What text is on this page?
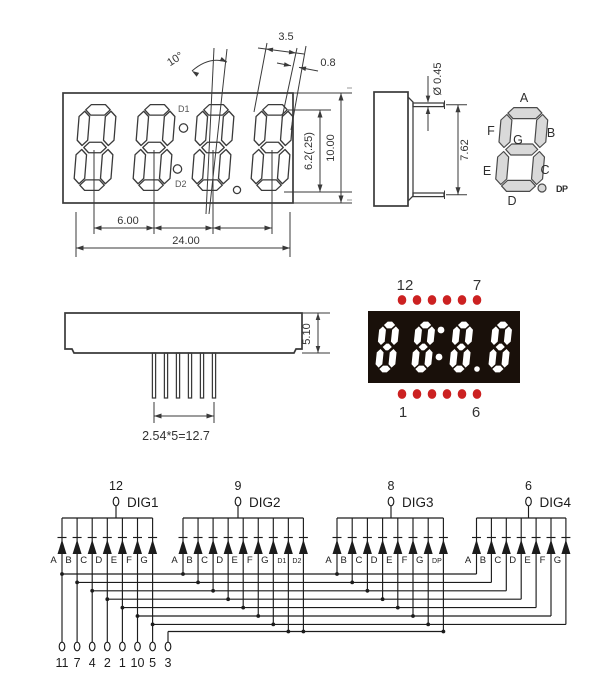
D1
D2
10°
3.5
0.8
6.00
24.00
6.2(.25) 10.00
Ø 0.45
7.62
A
F	B
G
E	C
D
DP
5.10
2.54*5=12.7
12	7
1	6
12
DIG1
A B C D E F G
9
DIG2
A B C D E F G D1 D2
8
DIG3
A B C D E F G DP
6
DIG4
A B C D E F G
11 7 4 2 1 10 5 3
